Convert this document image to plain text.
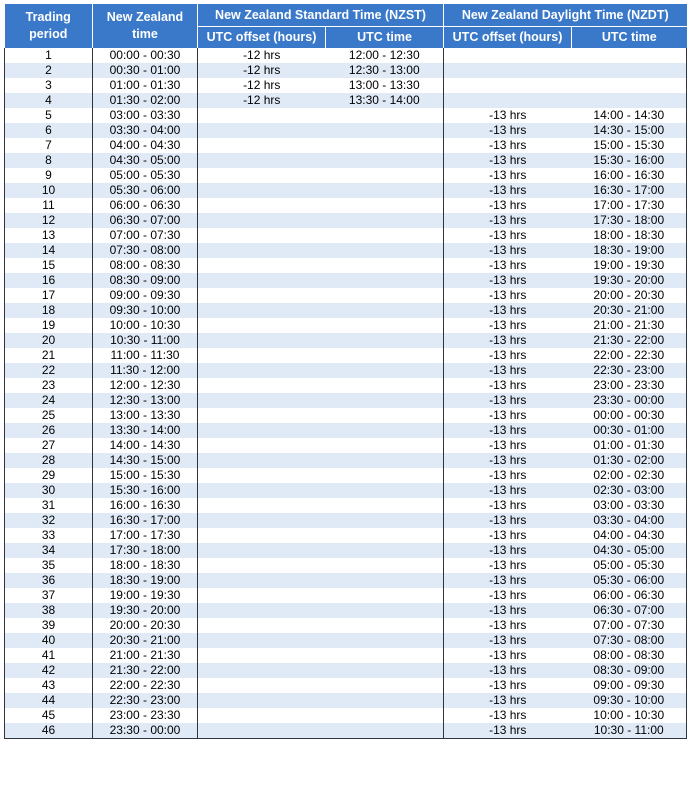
Trading period	New Zealand time	New Zealand Standard Time (NZST)		New Zealand Daylight Time (NZDT)	
		UTC offset (hours)	UTC time	UTC offset (hours)	UTC time
1	00:00 - 00:30	-12 hrs	12:00 - 12:30		
2	00:30 - 01:00	-12 hrs	12:30 - 13:00		
3	01:00 - 01:30	-12 hrs	13:00 - 13:30		
4	01:30 - 02:00	-12 hrs	13:30 - 14:00		
5	03:00 - 03:30			-13 hrs	14:00 - 14:30
6	03:30 - 04:00			-13 hrs	14:30 - 15:00
7	04:00 - 04:30			-13 hrs	15:00 - 15:30
8	04:30 - 05:00			-13 hrs	15:30 - 16:00
9	05:00 - 05:30			-13 hrs	16:00 - 16:30
10	05:30 - 06:00			-13 hrs	16:30 - 17:00
11	06:00 - 06:30			-13 hrs	17:00 - 17:30
12	06:30 - 07:00			-13 hrs	17:30 - 18:00
13	07:00 - 07:30			-13 hrs	18:00 - 18:30
14	07:30 - 08:00			-13 hrs	18:30 - 19:00
15	08:00 - 08:30			-13 hrs	19:00 - 19:30
16	08:30 - 09:00			-13 hrs	19:30 - 20:00
17	09:00 - 09:30			-13 hrs	20:00 - 20:30
18	09:30 - 10:00			-13 hrs	20:30 - 21:00
19	10:00 - 10:30			-13 hrs	21:00 - 21:30
20	10:30 - 11:00			-13 hrs	21:30 - 22:00
21	11:00 - 11:30			-13 hrs	22:00 - 22:30
22	11:30 - 12:00			-13 hrs	22:30 - 23:00
23	12:00 - 12:30			-13 hrs	23:00 - 23:30
24	12:30 - 13:00			-13 hrs	23:30 - 00:00
25	13:00 - 13:30			-13 hrs	00:00 - 00:30
26	13:30 - 14:00			-13 hrs	00:30 - 01:00
27	14:00 - 14:30			-13 hrs	01:00 - 01:30
28	14:30 - 15:00			-13 hrs	01:30 - 02:00
29	15:00 - 15:30			-13 hrs	02:00 - 02:30
30	15:30 - 16:00			-13 hrs	02:30 - 03:00
31	16:00 - 16:30			-13 hrs	03:00 - 03:30
32	16:30 - 17:00			-13 hrs	03:30 - 04:00
33	17:00 - 17:30			-13 hrs	04:00 - 04:30
34	17:30 - 18:00			-13 hrs	04:30 - 05:00
35	18:00 - 18:30			-13 hrs	05:00 - 05:30
36	18:30 - 19:00			-13 hrs	05:30 - 06:00
37	19:00 - 19:30			-13 hrs	06:00 - 06:30
38	19:30 - 20:00			-13 hrs	06:30 - 07:00
39	20:00 - 20:30			-13 hrs	07:00 - 07:30
40	20:30 - 21:00			-13 hrs	07:30 - 08:00
41	21:00 - 21:30			-13 hrs	08:00 - 08:30
42	21:30 - 22:00			-13 hrs	08:30 - 09:00
43	22:00 - 22:30			-13 hrs	09:00 - 09:30
44	22:30 - 23:00			-13 hrs	09:30 - 10:00
45	23:00 - 23:30			-13 hrs	10:00 - 10:30
46	23:30 - 00:00			-13 hrs	10:30 - 11:00
